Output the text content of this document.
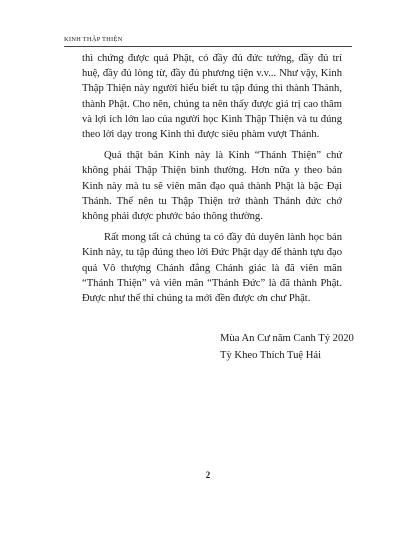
KINH THẬP THIỆN

thì chứng được quả Phật, có đầy đủ đức tướng, đầy đủ trí huệ, đầy đủ lòng từ, đầy đủ phương tiện v.v... Như vậy, Kinh Thập Thiện này người hiểu biết tu tập đúng thì thành Thánh, thành Phật. Cho nên, chúng ta nên thấy được giá trị cao thâm và lợi ích lớn lao của người học Kinh Thập Thiện và tu đúng theo lời dạy trong Kinh thì được siêu phàm vượt Thánh.

Quả thật bản Kinh này là Kinh “Thánh Thiện” chứ không phải Thập Thiện bình thường. Hơn nữa y theo bản Kinh này mà tu sẽ viên mãn đạo quả thành Phật là bậc Đại Thánh. Thế nên tu Thập Thiện trở thành Thánh đức chớ không phải được phước báo thông thường.

Rất mong tất cả chúng ta có đầy đủ duyên lành học bản Kinh này, tu tập đúng theo lời Đức Phật dạy để thành tựu đạo quả Vô thượng Chánh đẳng Chánh giác là đã viên mãn “Thánh Thiện” và viên mãn “Thánh Đức” là đã thành Phật. Được như thế thì chúng ta mới đền được ơn chư Phật.

Mùa An Cư năm Canh Tý 2020
Tỳ Kheo Thích Tuệ Hải
2
